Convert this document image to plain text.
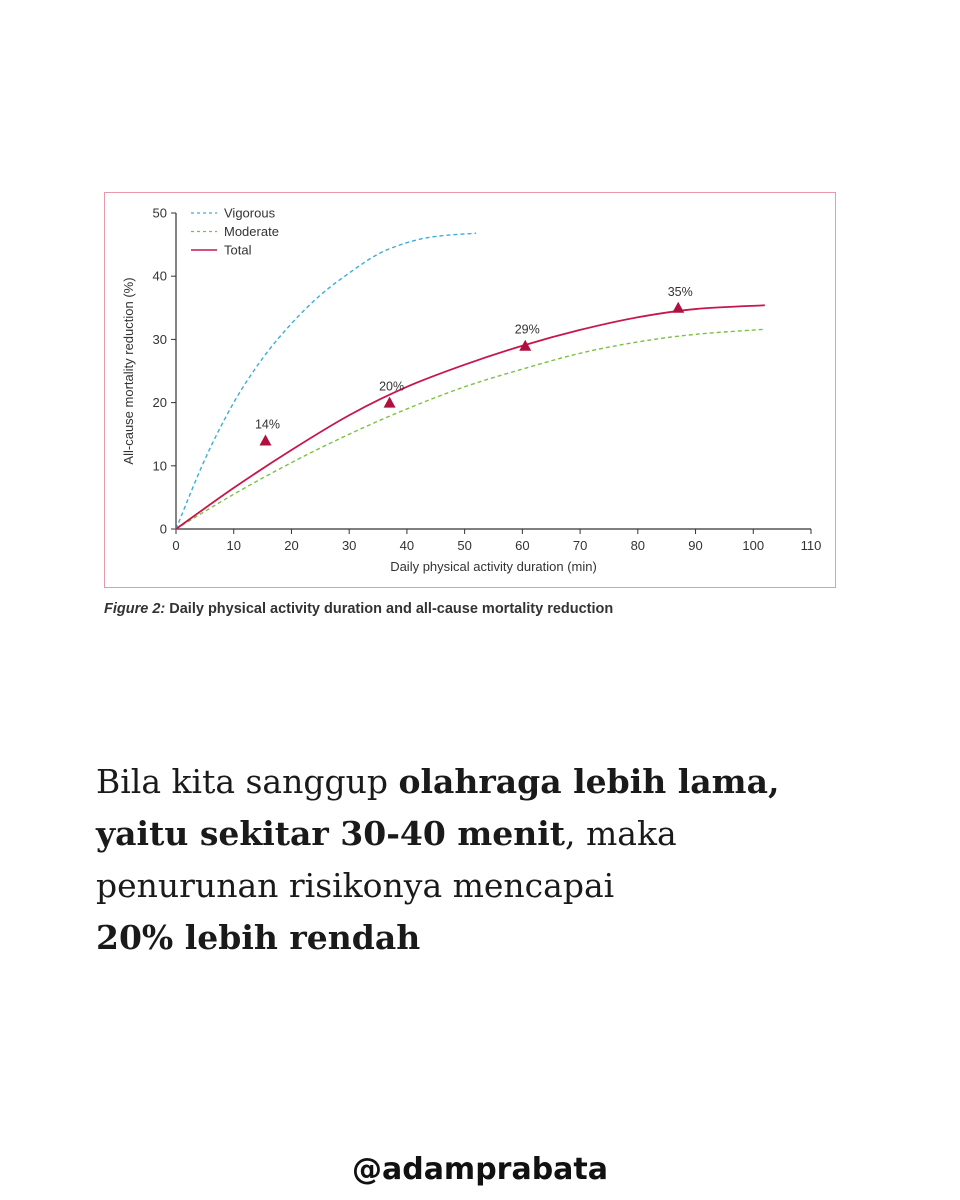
0	10	20	30	40	50	60	70	80	90	100	110
0
10
20
30
40
50
Daily physical activity duration (min)
All-cause mortality reduction (%)	14%
20%
29%
35%
Vigorous
Moderate
Total
Figure 2: Daily physical activity duration and all-cause mortality reduction
Bila kita sanggup olahraga lebih lama,
yaitu sekitar 30-40 menit, maka
penurunan risikonya mencapai
20% lebih rendah
@adamprabata
